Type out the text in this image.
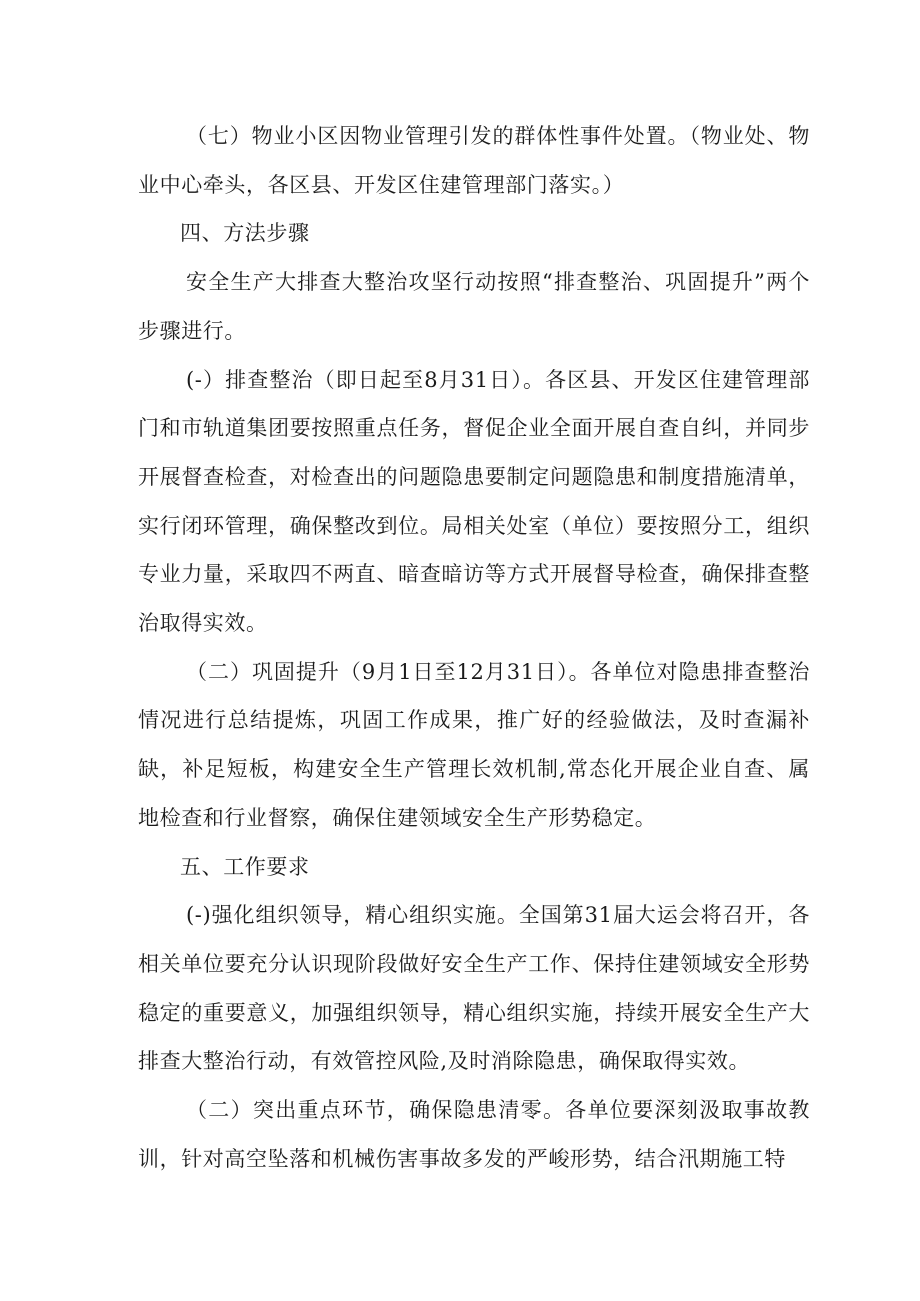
（七）物业小区因物业管理引发的群体性事件处置。（物业处、物业中心牵头，各区县、开发区住建管理部门落实。）

四、方法步骤

安全生产大排查大整治攻坚行动按照“排查整治、巩固提升”两个步骤进行。

(-）排查整治（即日起至8月31日）。各区县、开发区住建管理部门和市轨道集团要按照重点任务，督促企业全面开展自查自纠，并同步开展督查检查，对检查出的问题隐患要制定问题隐患和制度措施清单，实行闭环管理，确保整改到位。局相关处室（单位）要按照分工，组织专业力量，采取四不两直、暗查暗访等方式开展督导检查，确保排查整治取得实效。

（二）巩固提升（9月1日至12月31日）。各单位对隐患排查整治情况进行总结提炼，巩固工作成果，推广好的经验做法，及时查漏补缺，补足短板，构建安全生产管理长效机制,常态化开展企业自查、属地检查和行业督察，确保住建领域安全生产形势稳定。

五、工作要求

(-)强化组织领导，精心组织实施。全国第31届大运会将召开，各相关单位要充分认识现阶段做好安全生产工作、保持住建领域安全形势稳定的重要意义，加强组织领导，精心组织实施，持续开展安全生产大排查大整治行动，有效管控风险,及时消除隐患，确保取得实效。

（二）突出重点环节，确保隐患清零。各单位要深刻汲取事故教训，针对高空坠落和机械伤害事故多发的严峻形势，结合汛期施工特
